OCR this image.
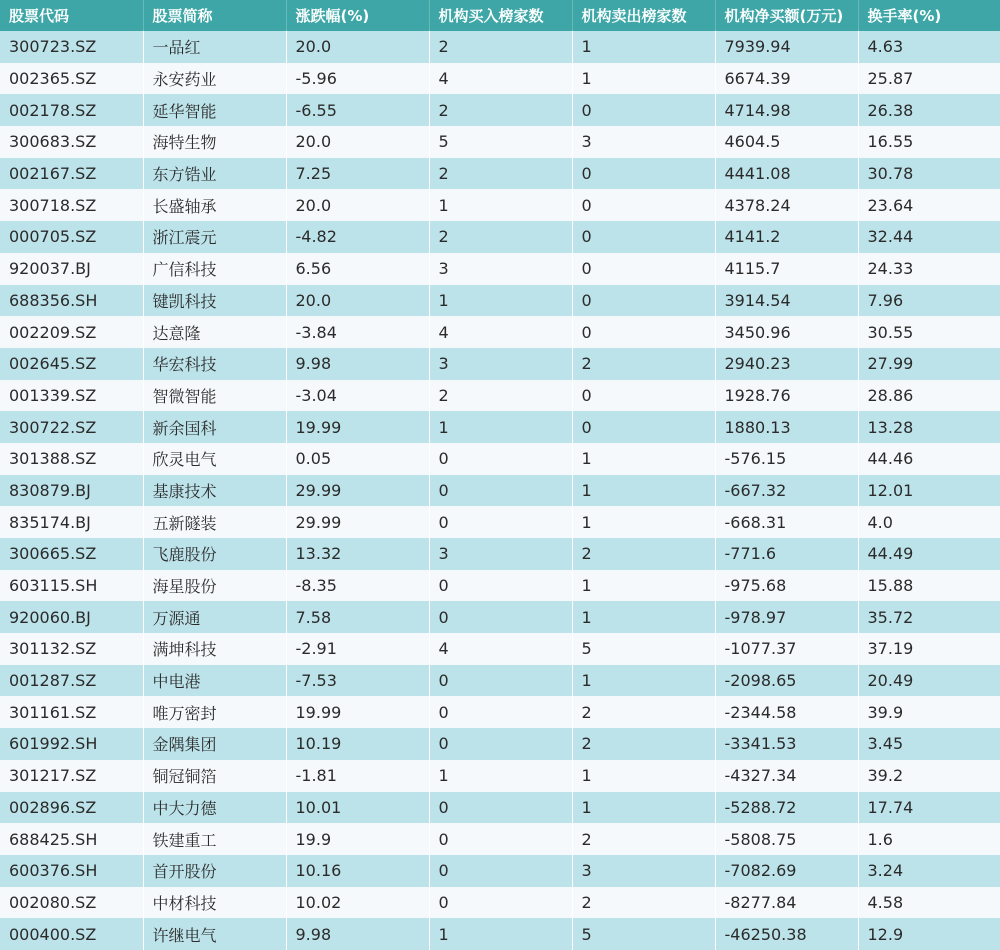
股票代码	股票简称	涨跌幅(%)	机构买入榜家数	机构卖出榜家数	机构净买额(万元)	换手率(%)
300723.SZ	一品红	20.0	2	1	7939.94	4.63
002365.SZ	永安药业	-5.96	4	1	6674.39	25.87
002178.SZ	延华智能	-6.55	2	0	4714.98	26.38
300683.SZ	海特生物	20.0	5	3	4604.5	16.55
002167.SZ	东方锆业	7.25	2	0	4441.08	30.78
300718.SZ	长盛轴承	20.0	1	0	4378.24	23.64
000705.SZ	浙江震元	-4.82	2	0	4141.2	32.44
920037.BJ	广信科技	6.56	3	0	4115.7	24.33
688356.SH	键凯科技	20.0	1	0	3914.54	7.96
002209.SZ	达意隆	-3.84	4	0	3450.96	30.55
002645.SZ	华宏科技	9.98	3	2	2940.23	27.99
001339.SZ	智微智能	-3.04	2	0	1928.76	28.86
300722.SZ	新余国科	19.99	1	0	1880.13	13.28
301388.SZ	欣灵电气	0.05	0	1	-576.15	44.46
830879.BJ	基康技术	29.99	0	1	-667.32	12.01
835174.BJ	五新隧装	29.99	0	1	-668.31	4.0
300665.SZ	飞鹿股份	13.32	3	2	-771.6	44.49
603115.SH	海星股份	-8.35	0	1	-975.68	15.88
920060.BJ	万源通	7.58	0	1	-978.97	35.72
301132.SZ	满坤科技	-2.91	4	5	-1077.37	37.19
001287.SZ	中电港	-7.53	0	1	-2098.65	20.49
301161.SZ	唯万密封	19.99	0	2	-2344.58	39.9
601992.SH	金隅集团	10.19	0	2	-3341.53	3.45
301217.SZ	铜冠铜箔	-1.81	1	1	-4327.34	39.2
002896.SZ	中大力德	10.01	0	1	-5288.72	17.74
688425.SH	铁建重工	19.9	0	2	-5808.75	1.6
600376.SH	首开股份	10.16	0	3	-7082.69	3.24
002080.SZ	中材科技	10.02	0	2	-8277.84	4.58
000400.SZ	许继电气	9.98	1	5	-46250.38	12.9
